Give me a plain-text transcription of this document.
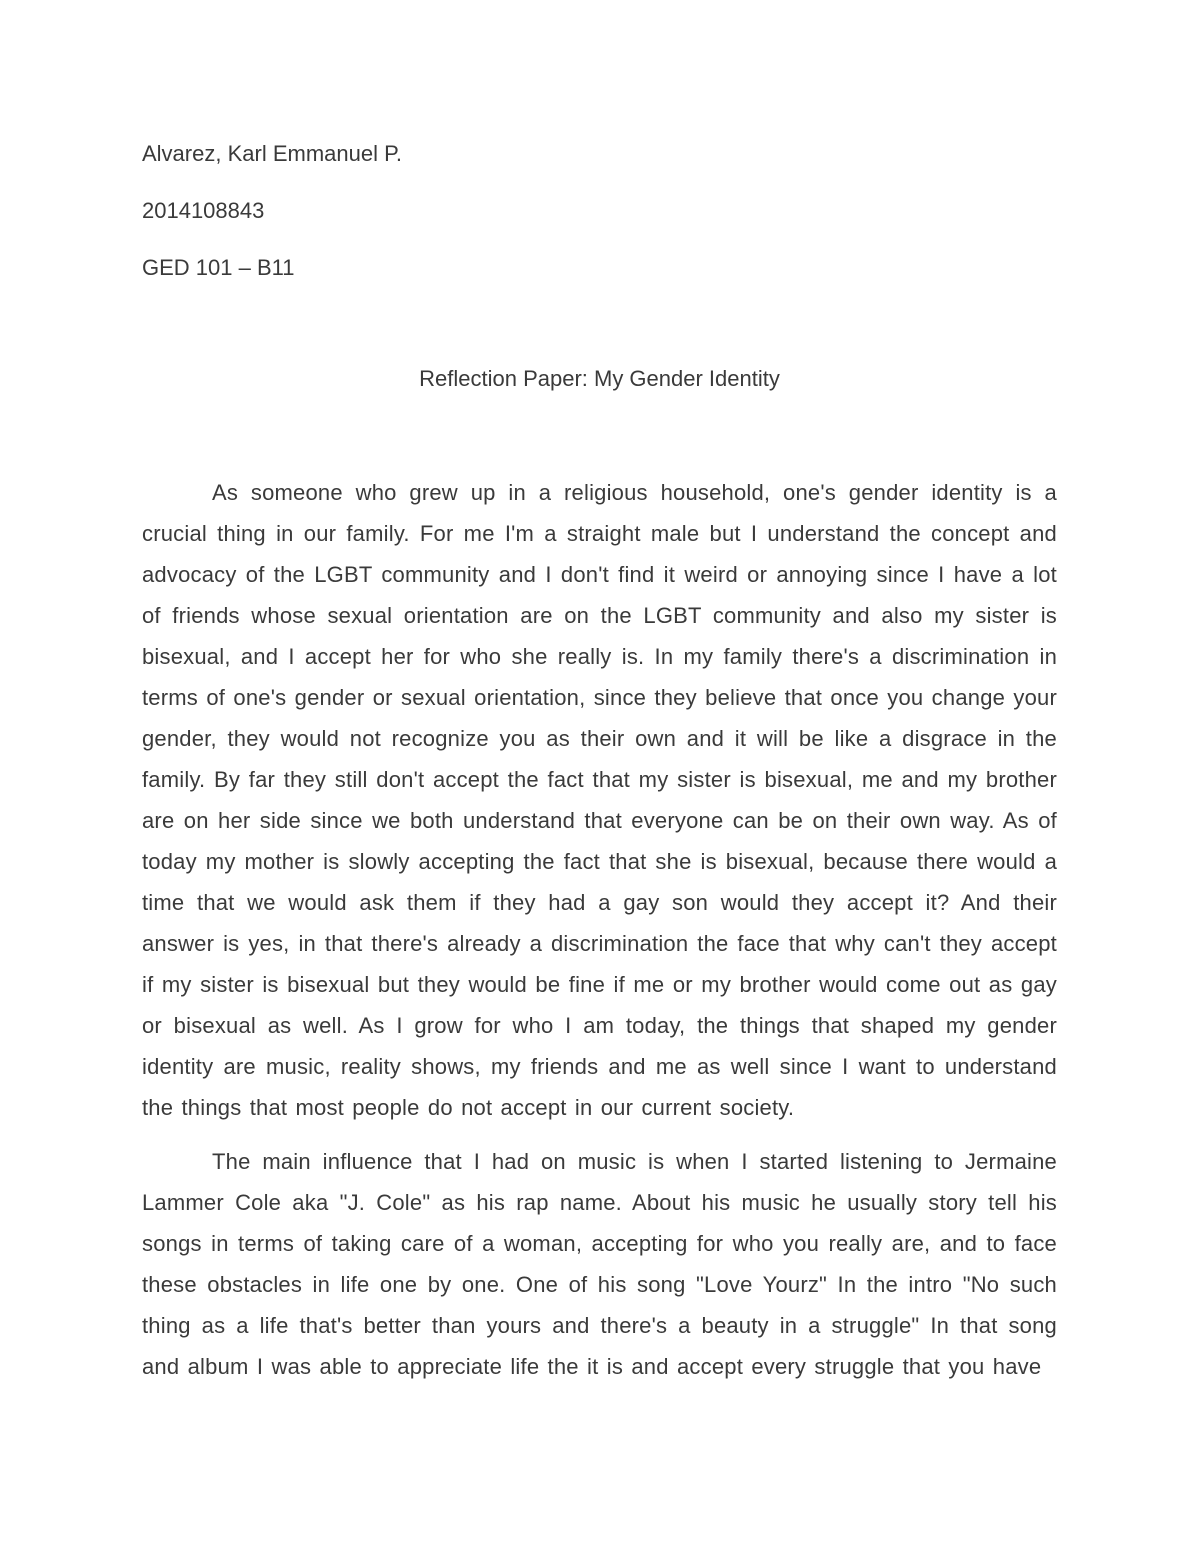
Alvarez, Karl Emmanuel P.

2014108843

GED 101 – B11

Reflection Paper: My Gender Identity

As someone who grew up in a religious household, one's gender identity is a crucial thing in our family. For me I'm a straight male but I understand the concept and advocacy of the LGBT community and I don't find it weird or annoying since I have a lot of friends whose sexual orientation are on the LGBT community and also my sister is bisexual, and I accept her for who she really is. In my family there's a discrimination in terms of one's gender or sexual orientation, since they believe that once you change your gender, they would not recognize you as their own and it will be like a disgrace in the family. By far they still don't accept the fact that my sister is bisexual, me and my brother are on her side since we both understand that everyone can be on their own way. As of today my mother is slowly accepting the fact that she is bisexual, because there would a time that we would ask them if they had a gay son would they accept it? And their answer is yes, in that there's already a discrimination the face that why can't they accept if my sister is bisexual but they would be fine if me or my brother would come out as gay or bisexual as well. As I grow for who I am today, the things that shaped my gender identity are music, reality shows, my friends and me as well since I want to understand the things that most people do not accept in our current society.

The main influence that I had on music is when I started listening to Jermaine Lammer Cole aka "J. Cole" as his rap name. About his music he usually story tell his songs in terms of taking care of a woman, accepting for who you really are, and to face these obstacles in life one by one. One of his song "Love Yourz" In the intro "No such thing as a life that's better than yours and there's a beauty in a struggle" In that song and album I was able to appreciate life the it is and accept every struggle that you have
